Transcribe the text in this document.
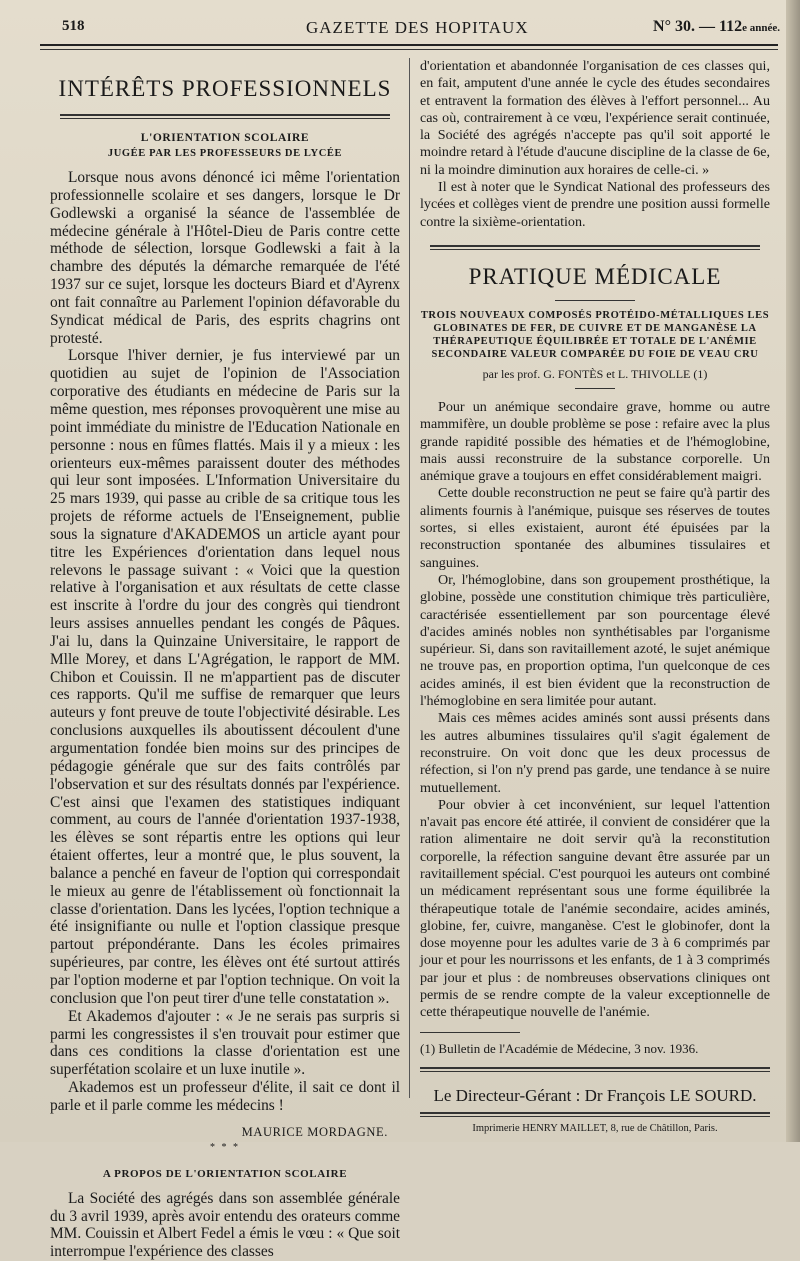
518	GAZETTE DES HOPITAUX	N° 30. — 112e année.
INTÉRÊTS PROFESSIONNELS
L'ORIENTATION SCOLAIRE
JUGÉE PAR LES PROFESSEURS DE LYCÉE

Lorsque nous avons dénoncé ici même l'orientation professionnelle scolaire et ses dangers, lorsque le Dr Godlewski a organisé la séance de l'assemblée de médecine générale à l'Hôtel-Dieu de Paris contre cette méthode de sélection, lorsque Godlewski a fait à la chambre des députés la démarche remarquée de l'été 1937 sur ce sujet, lorsque les docteurs Biard et d'Ayrenx ont fait connaître au Parlement l'opinion défavorable du Syndicat médical de Paris, des esprits chagrins ont protesté.

Lorsque l'hiver dernier, je fus interviewé par un quotidien au sujet de l'opinion de l'Association corporative des étudiants en médecine de Paris sur la même question, mes réponses provoquèrent une mise au point immédiate du ministre de l'Education Nationale en personne : nous en fûmes flattés. Mais il y a mieux : les orienteurs eux-mêmes paraissent douter des méthodes qui leur sont imposées. L'Information Universitaire du 25 mars 1939, qui passe au crible de sa critique tous les projets de réforme actuels de l'Enseignement, publie sous la signature d'AKADEMOS un article ayant pour titre les Expériences d'orientation dans lequel nous relevons le passage suivant : « Voici que la question relative à l'organisation et aux résultats de cette classe est inscrite à l'ordre du jour des congrès qui tiendront leurs assises annuelles pendant les congés de Pâques. J'ai lu, dans la Quinzaine Universitaire, le rapport de Mlle Morey, et dans L'Agrégation, le rapport de MM. Chibon et Couissin. Il ne m'appartient pas de discuter ces rapports. Qu'il me suffise de remarquer que leurs auteurs y font preuve de toute l'objectivité désirable. Les conclusions auxquelles ils aboutissent découlent d'une argumentation fondée bien moins sur des principes de pédagogie générale que sur des faits contrôlés par l'observation et sur des résultats donnés par l'expérience. C'est ainsi que l'examen des statistiques indiquant comment, au cours de l'année d'orientation 1937-1938, les élèves se sont répartis entre les options qui leur étaient offertes, leur a montré que, le plus souvent, la balance a penché en faveur de l'option qui correspondait le mieux au genre de l'établissement où fonctionnait la classe d'orientation. Dans les lycées, l'option technique a été insignifiante ou nulle et l'option classique presque partout prépondérante. Dans les écoles primaires supérieures, par contre, les élèves ont été surtout attirés par l'option moderne et par l'option technique. On voit la conclusion que l'on peut tirer d'une telle constatation ».

Et Akademos d'ajouter : « Je ne serais pas surpris si parmi les congressistes il s'en trouvait pour estimer que dans ces conditions la classe d'orientation est une superfétation scolaire et un luxe inutile ».

Akademos est un professeur d'élite, il sait ce dont il parle et il parle comme les médecins !

MAURICE MORDAGNE.
* * *
A PROPOS DE L'ORIENTATION SCOLAIRE

La Société des agrégés dans son assemblée générale du 3 avril 1939, après avoir entendu des orateurs comme MM. Couissin et Albert Fedel a émis le vœu : « Que soit interrompue l'expérience des classes

d'orientation et abandonnée l'organisation de ces classes qui, en fait, amputent d'une année le cycle des études secondaires et entravent la formation des élèves à l'effort personnel... Au cas où, contrairement à ce vœu, l'expérience serait continuée, la Société des agrégés n'accepte pas qu'il soit apporté le moindre retard à l'étude d'aucune discipline de la classe de 6e, ni la moindre diminution aux horaires de celle-ci. »

Il est à noter que le Syndicat National des professeurs des lycées et collèges vient de prendre une position aussi formelle contre la sixième-orientation.

PRATIQUE MÉDICALE
TROIS NOUVEAUX COMPOSÉS PROTÉIDO-MÉTALLIQUES LES GLOBINATES DE FER, DE CUIVRE ET DE MANGANÈSE LA THÉRAPEUTIQUE ÉQUILIBRÉE ET TOTALE DE L'ANÉMIE SECONDAIRE VALEUR COMPARÉE DU FOIE DE VEAU CRU
par les prof. G. FONTÈS et L. THIVOLLE (1)

Pour un anémique secondaire grave, homme ou autre mammifère, un double problème se pose : refaire avec la plus grande rapidité possible des hématies et de l'hémoglobine, mais aussi reconstruire de la substance corporelle. Un anémique grave a toujours en effet considérablement maigri.

Cette double reconstruction ne peut se faire qu'à partir des aliments fournis à l'anémique, puisque ses réserves de toutes sortes, si elles existaient, auront été épuisées par la reconstruction spontanée des albumines tissulaires et sanguines.

Or, l'hémoglobine, dans son groupement prosthétique, la globine, possède une constitution chimique très particulière, caractérisée essentiellement par son pourcentage élevé d'acides aminés nobles non synthétisables par l'organisme supérieur. Si, dans son ravitaillement azoté, le sujet anémique ne trouve pas, en proportion optima, l'un quelconque de ces acides aminés, il est bien évident que la reconstruction de l'hémoglobine en sera limitée pour autant.

Mais ces mêmes acides aminés sont aussi présents dans les autres albumines tissulaires qu'il s'agit également de reconstruire. On voit donc que les deux processus de réfection, si l'on n'y prend pas garde, une tendance à se nuire mutuellement.

Pour obvier à cet inconvénient, sur lequel l'attention n'avait pas encore été attirée, il convient de considérer que la ration alimentaire ne doit servir qu'à la reconstitution corporelle, la réfection sanguine devant être assurée par un ravitaillement spécial. C'est pourquoi les auteurs ont combiné un médicament représentant sous une forme équilibrée la thérapeutique totale de l'anémie secondaire, acides aminés, globine, fer, cuivre, manganèse. C'est le globinofer, dont la dose moyenne pour les adultes varie de 3 à 6 comprimés par jour et pour les nourrissons et les enfants, de 1 à 3 comprimés par jour et plus : de nombreuses observations cliniques ont permis de se rendre compte de la valeur exceptionnelle de cette thérapeutique nouvelle de l'anémie.

(1) Bulletin de l'Académie de Médecine, 3 nov. 1936.
Le Directeur-Gérant : Dr François LE SOURD.
Imprimerie HENRY MAILLET, 8, rue de Châtillon, Paris.
